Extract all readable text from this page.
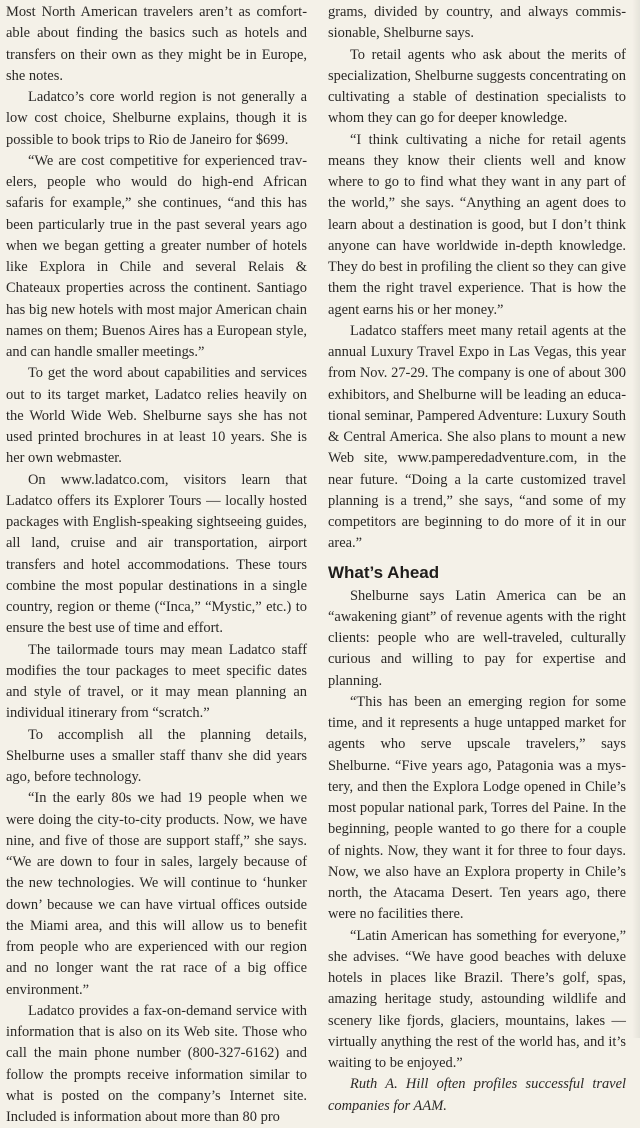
Most North American travelers aren’t as comfortable about finding the basics such as hotels and transfers on their own as they might be in Europe, she notes.

Ladatco’s core world region is not generally a low cost choice, Shelburne explains, though it is possible to book trips to Rio de Janeiro for $699.

“We are cost competitive for experienced travelers, people who would do high-end African safaris for example,” she continues, “and this has been particularly true in the past several years ago when we began getting a greater number of hotels like Explora in Chile and several Relais & Chateaux properties across the continent. Santiago has big new hotels with most major American chain names on them; Buenos Aires has a European style, and can handle smaller meetings.”

To get the word about capabilities and services out to its target market, Ladatco relies heavily on the World Wide Web. Shelburne says she has not used printed brochures in at least 10 years. She is her own webmaster.

On www.ladatco.com, visitors learn that Ladatco offers its Explorer Tours — locally hosted packages with English-speaking sightseeing guides, all land, cruise and air transportation, airport transfers and hotel accommodations. These tours combine the most popular destinations in a single country, region or theme (“Inca,” “Mystic,” etc.) to ensure the best use of time and effort.

The tailormade tours may mean Ladatco staff modifies the tour packages to meet specific dates and style of travel, or it may mean planning an individual itinerary from “scratch.”

To accomplish all the planning details, Shelburne uses a smaller staff thanv she did years ago, before technology.

“In the early 80s we had 19 people when we were doing the city-to-city products. Now, we have nine, and five of those are support staff,” she says. “We are down to four in sales, largely because of the new technologies. We will continue to ‘hunker down’ because we can have virtual offices outside the Miami area, and this will allow us to benefit from people who are experienced with our region and no longer want the rat race of a big office environment.”

Ladatco provides a fax-on-demand service with information that is also on its Web site. Those who call the main phone number (800-327-6162) and follow the prompts receive information similar to what is posted on the company’s Internet site. Included is information about more than 80 pro

grams, divided by country, and always commissionable, Shelburne says.

To retail agents who ask about the merits of specialization, Shelburne suggests concentrating on cultivating a stable of destination specialists to whom they can go for deeper knowledge.

“I think cultivating a niche for retail agents means they know their clients well and know where to go to find what they want in any part of the world,” she says. “Anything an agent does to learn about a destination is good, but I don’t think anyone can have worldwide in-depth knowledge. They do best in profiling the client so they can give them the right travel experience. That is how the agent earns his or her money.”

Ladatco staffers meet many retail agents at the annual Luxury Travel Expo in Las Vegas, this year from Nov. 27-29. The company is one of about 300 exhibitors, and Shelburne will be leading an educational seminar, Pampered Adventure: Luxury South & Central America. She also plans to mount a new Web site, www.pamperedadventure.com, in the near future. “Doing a la carte customized travel planning is a trend,” she says, “and some of my competitors are beginning to do more of it in our area.”

What’s Ahead

Shelburne says Latin America can be an “awakening giant” of revenue agents with the right clients: people who are well-traveled, culturally curious and willing to pay for expertise and planning.

“This has been an emerging region for some time, and it represents a huge untapped market for agents who serve upscale travelers,” says Shelburne. “Five years ago, Patagonia was a mystery, and then the Explora Lodge opened in Chile’s most popular national park, Torres del Paine. In the beginning, people wanted to go there for a couple of nights. Now, they want it for three to four days. Now, we also have an Explora property in Chile’s north, the Atacama Desert. Ten years ago, there were no facilities there.

“Latin American has something for everyone,” she advises. “We have good beaches with deluxe hotels in places like Brazil. There’s golf, spas, amazing heritage study, astounding wildlife and scenery like fjords, glaciers, mountains, lakes — virtually anything the rest of the world has, and it’s waiting to be enjoyed.”

Ruth A. Hill often profiles successful travel companies for AAM.
